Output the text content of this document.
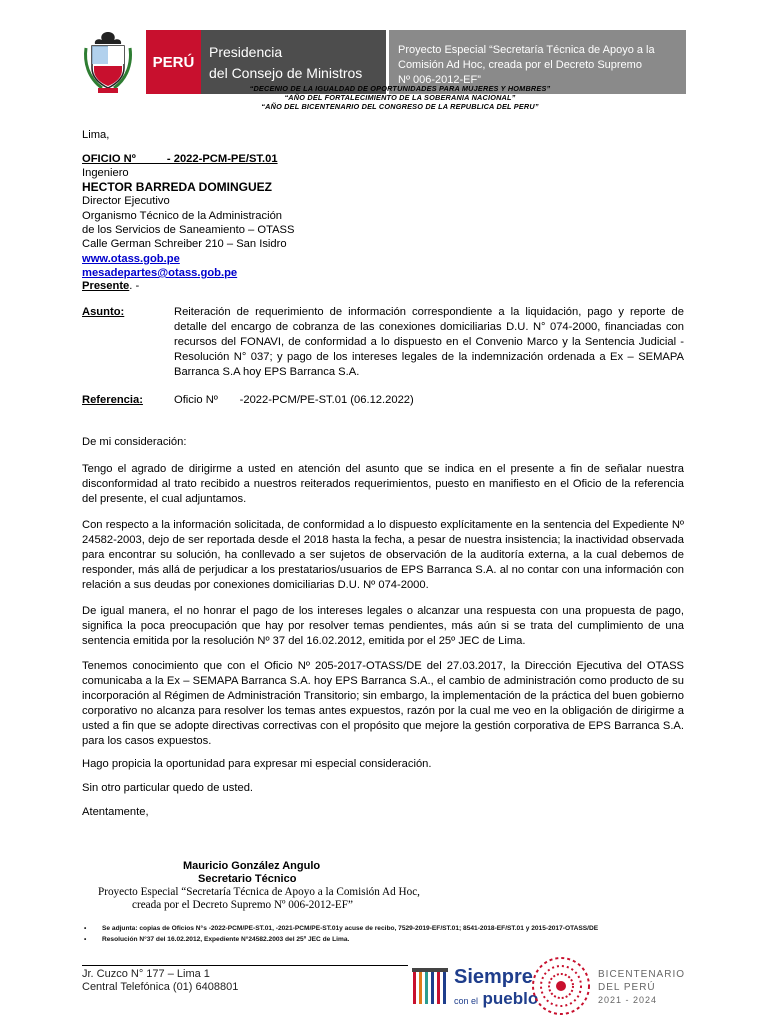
PERÚ
Presidencia
del Consejo de Ministros
Proyecto Especial “Secretaría Técnica de Apoyo a la
Comisión Ad Hoc, creada por el Decreto Supremo
Nº 006-2012-EF”
“DECENIO DE LA IGUALDAD DE OPORTUNIDADES PARA MUJERES Y HOMBRES”
“AÑO DEL FORTALECIMIENTO DE LA SOBERANIA NACIONAL”
“AÑO DEL BICENTENARIO DEL CONGRESO DE LA REPUBLICA DEL PERU”
Lima,
OFICIO Nº          - 2022-PCM-PE/ST.01
Ingeniero
HECTOR BARREDA DOMINGUEZ
Director Ejecutivo
Organismo Técnico de la Administración
de los Servicios de Saneamiento – OTASS
Calle German Schreiber 210 – San Isidro
www.otass.gob.pe
mesadepartes@otass.gob.pe
Presente. -
Asunto:	Reiteración de requerimiento de información correspondiente a la liquidación, pago y reporte de detalle del encargo de cobranza de las conexiones domiciliarias D.U. N° 074-2000, financiadas con recursos del FONAVI, de conformidad a lo dispuesto en el Convenio Marco y la Sentencia Judicial - Resolución N° 037; y pago de los intereses legales de la indemnización ordenada a Ex – SEMAPA Barranca S.A hoy EPS Barranca S.A.
Referencia:	Oficio Nº       -2022-PCM/PE-ST.01 (06.12.2022)
De mi consideración:
Tengo el agrado de dirigirme a usted en atención del asunto que se indica en el presente a fin de señalar nuestra disconformidad al trato recibido a nuestros reiterados requerimientos, puesto en manifiesto en el Oficio de la referencia del presente, el cual adjuntamos.
Con respecto a la información solicitada, de conformidad a lo dispuesto explícitamente en la sentencia del Expediente Nº 24582-2003, dejo de ser reportada desde el 2018 hasta la fecha, a pesar de nuestra insistencia; la inactividad observada para encontrar su solución, ha conllevado a ser sujetos de observación de la auditoría externa, a la cual debemos de responder, más allá de perjudicar a los prestatarios/usuarios de EPS Barranca S.A. al no contar con una información con relación a sus deudas por conexiones domiciliarias D.U. Nº 074-2000.
De igual manera, el no honrar el pago de los intereses legales o alcanzar una respuesta con una propuesta de pago, significa la poca preocupación que hay por resolver temas pendientes, más aún si se trata del cumplimiento de una sentencia emitida por la resolución Nº 37 del 16.02.2012, emitida por el 25º JEC de Lima.
Tenemos conocimiento que con el Oficio Nº 205-2017-OTASS/DE del 27.03.2017, la Dirección Ejecutiva del OTASS comunicaba a la Ex – SEMAPA Barranca S.A. hoy EPS Barranca S.A., el cambio de administración como producto de su incorporación al Régimen de Administración Transitorio; sin embargo, la implementación de la práctica del buen gobierno corporativo no alcanza para resolver los temas antes expuestos, razón por la cual me veo en la obligación de dirigirme a usted a fin que se adopte directivas correctivas con el propósito que mejore la gestión corporativa de EPS Barranca S.A. para los casos expuestos.
Hago propicia la oportunidad para expresar mi especial consideración.
Sin otro particular quedo de usted.
Atentamente,
Mauricio González Angulo
Secretario Técnico
Proyecto Especial “Secretaría Técnica de Apoyo a la Comisión Ad Hoc,
creada por el Decreto Supremo Nº 006-2012-EF”
• Se adjunta: copias de Oficios N°s -2022-PCM/PE-ST.01, -2021-PCM/PE-ST.01y acuse de recibo, 7529-2019-EF/ST.01; 8541-2018-EF/ST.01 y 2015-2017-OTASS/DE
• Resolución N°37 del 16.02.2012, Expediente N°24582.2003 del 25º JEC de Lima.
Jr. Cuzco N° 177 – Lima 1
Central Telefónica (01) 6408801	Siempre
con el pueblo
BICENTENARIO
DEL PERÚ
2021 - 2024
